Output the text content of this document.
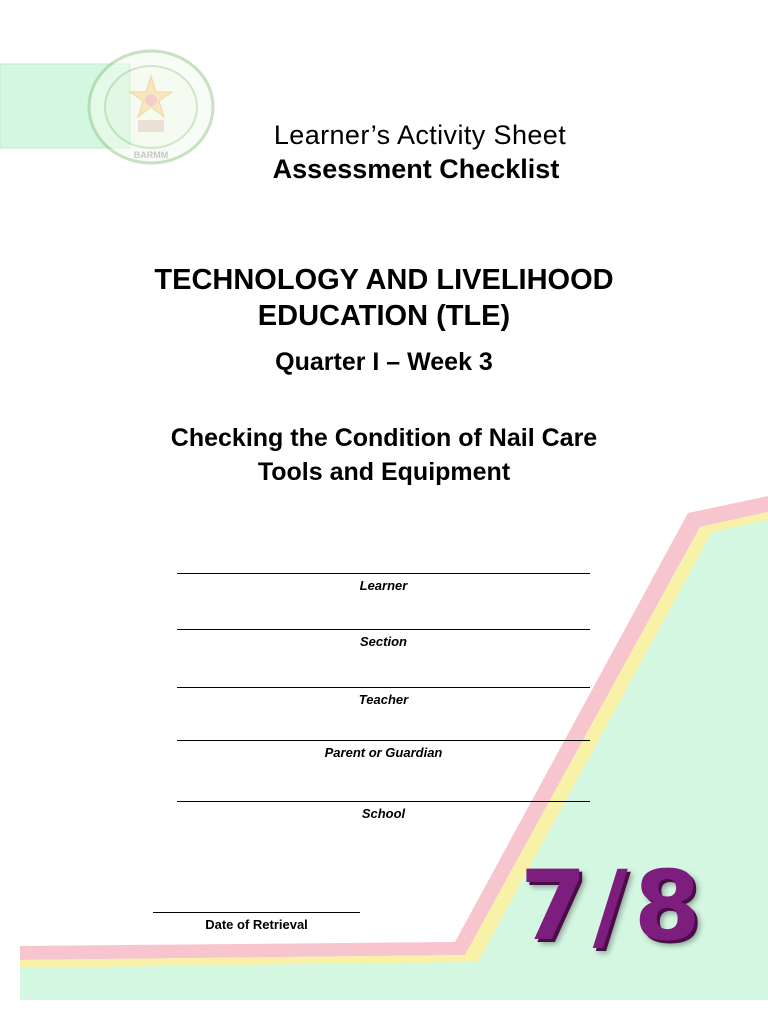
BARMM
Learner’s Activity Sheet
Assessment Checklist
TECHNOLOGY AND LIVELIHOOD
EDUCATION (TLE)
Quarter I – Week 3
Checking the Condition of Nail Care
Tools and Equipment
Learner
Section
Teacher
Parent or Guardian
School
Date of Retrieval	7/8
